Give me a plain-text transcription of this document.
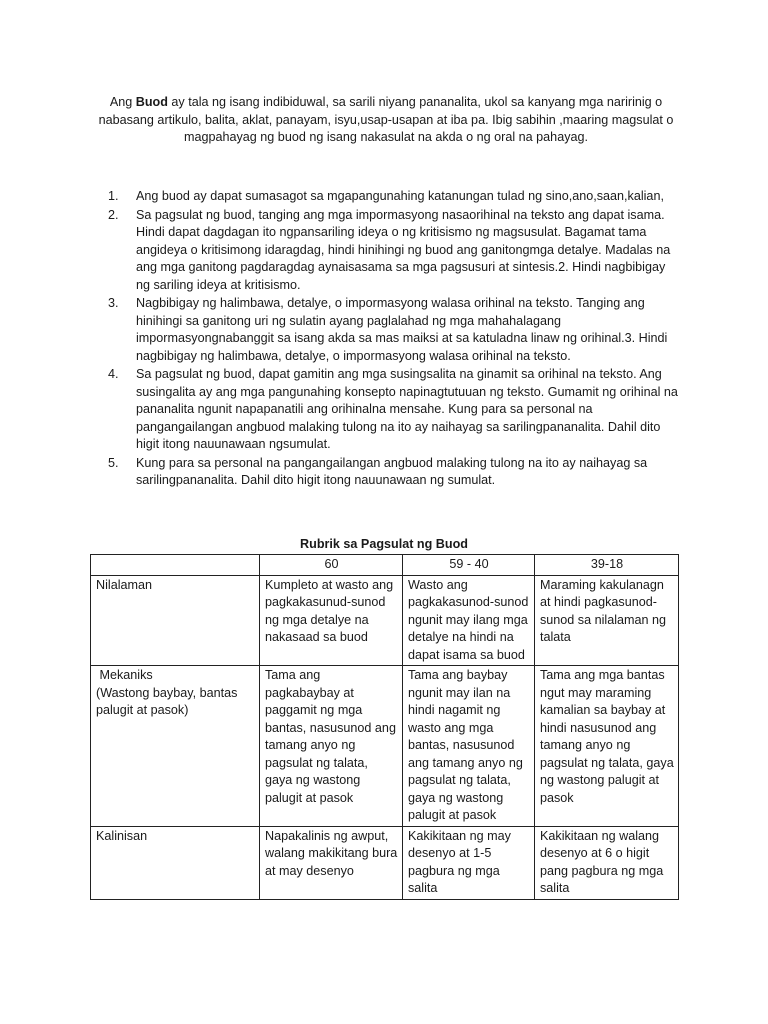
Ang Buod ay tala ng isang indibiduwal, sa sarili niyang pananalita, ukol sa kanyang mga naririnig o nabasang artikulo, balita, aklat, panayam, isyu,usap-usapan at iba pa. Ibig sabihin ,maaring magsulat o magpahayag ng buod ng isang nakasulat na akda o ng oral na pahayag.
1. Ang buod ay dapat sumasagot sa mgapangunahing katanungan tulad ng sino,ano,saan,kalian,
2. Sa pagsulat ng buod, tanging ang mga impormasyong nasaorihinal na teksto ang dapat isama. Hindi dapat dagdagan ito ngpansariling ideya o ng kritisismo ng magsusulat. Bagamat tama angideya o kritisimong idaragdag, hindi hinihingi ng buod ang ganitongmga detalye. Madalas na ang mga ganitong pagdaragdag aynaisasama sa mga pagsusuri at sintesis.2. Hindi nagbibigay ng sariling ideya at kritisismo.
3. Nagbibigay ng halimbawa, detalye, o impormasyong walasa orihinal na teksto. Tanging ang hinihingi sa ganitong uri ng sulatin ayang paglalahad ng mga mahahalagang impormasyongnabanggit sa isang akda sa mas maiksi at sa katuladna linaw ng orihinal.3. Hindi nagbibigay ng halimbawa, detalye, o impormasyong walasa orihinal na teksto.
4. Sa pagsulat ng buod, dapat gamitin ang mga susingsalita na ginamit sa orihinal na teksto. Ang susingalita ay ang mga pangunahing konsepto napinagtutuuan ng teksto. Gumamit ng orihinal na pananalita ngunit napapanatili ang orihinalna mensahe. Kung para sa personal na pangangailangan angbuod malaking tulong na ito ay naihayag sa sarilingpananalita. Dahil dito higit itong nauunawaan ngsumulat.
5. Kung para sa personal na pangangailangan angbuod malaking tulong na ito ay naihayag sa sarilingpananalita. Dahil dito higit itong nauunawaan ng sumulat.
Rubrik sa Pagsulat ng Buod
	60	59 - 40	39-18

Nilalaman	Kumpleto at wasto ang pagkakasunud-sunod ng mga detalye na nakasaad sa buod	Wasto ang pagkakasunod-sunod ngunit may ilang mga detalye na hindi na dapat isama sa buod	Maraming kakulanagn at hindi pagkasunod-sunod sa nilalaman ng talata

Mekaniks
(Wastong baybay, bantas palugit at pasok)	Tama ang pagkabaybay at paggamit ng mga bantas, nasusunod ang tamang anyo ng pagsulat ng talata, gaya ng wastong palugit at pasok	Tama ang baybay ngunit may ilan na hindi nagamit ng wasto ang mga bantas, nasusunod ang tamang anyo ng pagsulat ng talata, gaya ng wastong palugit at pasok	Tama ang mga bantas ngut may maraming kamalian sa baybay at hindi nasusunod ang tamang anyo ng pagsulat ng talata, gaya ng wastong palugit at pasok

Kalinisan	Napakalinis ng awput, walang makikitang bura at may desenyo	Kakikitaan ng may desenyo at 1-5 pagbura ng mga salita	Kakikitaan ng walang desenyo at 6 o higit pang pagbura ng mga salita
